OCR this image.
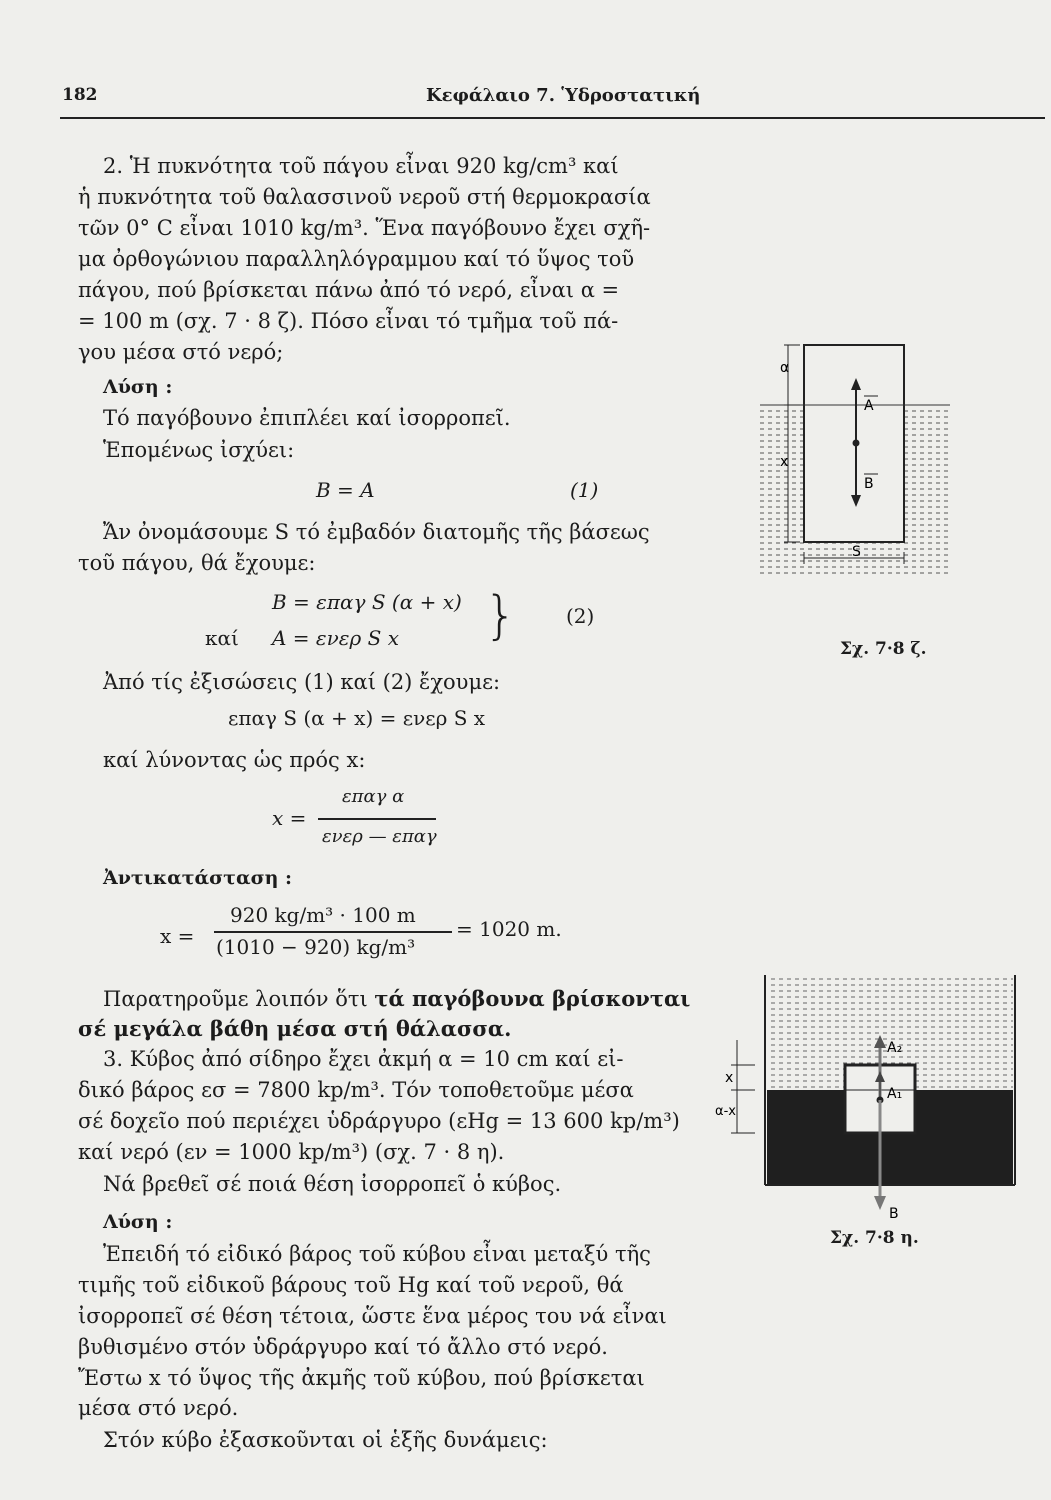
182	Κεφάλαιο 7. Ὑδροστατική
2. Ἡ πυκνότητα τοῦ πάγου εἶναι 920 kg/cm³ καί
ἡ πυκνότητα τοῦ θαλασσινοῦ νεροῦ στή θερμοκρασία
τῶν 0° C εἶναι 1010 kg/m³. Ἕνα παγόβουνο ἔχει σχῆ-
μα ὀρθογώνιου παραλληλόγραμμου καί τό ὕψος τοῦ
πάγου, πού βρίσκεται πάνω ἀπό τό νερό, εἶναι α =
= 100 m (σχ. 7 · 8 ζ). Πόσο εἶναι τό τμῆμα τοῦ πά-
γου μέσα στό νερό;
Λύση :
Τό παγόβουνο ἐπιπλέει καί ἰσορροπεῖ.
Ἑπομένως ἰσχύει:
B = A	(1)
Ἄν ὀνομάσουμε S τό ἐμβαδόν διατομῆς τῆς βάσεως
τοῦ πάγου, θά ἔχουμε:
B = επαγ S (α + x)
καί A = ενερ S x } (2)
Ἀπό τίς ἐξισώσεις (1) καί (2) ἔχουμε:
επαγ S (α + x) = ενερ S x
καί λύνοντας ὡς πρός x:
x =
επαγ α
ενερ — επαγ
Ἀντικατάσταση :
x =
920 kg/m³ · 100 m
(1010 − 920) kg/m³
= 1020 m.
Παρατηροῦμε λοιπόν ὅτι τά παγόβουνα βρίσκονται
σέ μεγάλα βάθη μέσα στή θάλασσα.
3. Κύβος ἀπό σίδηρο ἔχει ἀκμή α = 10 cm καί εἰ-
δικό βάρος εσ = 7800 kp/m³. Τόν τοποθετοῦμε μέσα
σέ δοχεῖο πού περιέχει ὑδράργυρο (εHg = 13 600 kp/m³)
καί νερό (εν = 1000 kp/m³) (σχ. 7 · 8 η).
Νά βρεθεῖ σέ ποιά θέση ἰσορροπεῖ ὁ κύβος.
Λύση :
Ἐπειδή τό εἰδικό βάρος τοῦ κύβου εἶναι μεταξύ τῆς
τιμῆς τοῦ εἰδικοῦ βάρους τοῦ Hg καί τοῦ νεροῦ, θά
ἰσορροπεῖ σέ θέση τέτοια, ὥστε ἕνα μέρος του νά εἶναι
βυθισμένο στόν ὑδράργυρο καί τό ἄλλο στό νερό.
Ἔστω x τό ὕψος τῆς ἀκμῆς τοῦ κύβου, πού βρίσκεται
μέσα στό νερό.
Στόν κύβο ἐξασκοῦνται οἱ ἑξῆς δυνάμεις:
α
x
A
B
S
Σχ. 7·8 ζ.
x
α-x
A₂
A₁
B
Σχ. 7·8 η.
